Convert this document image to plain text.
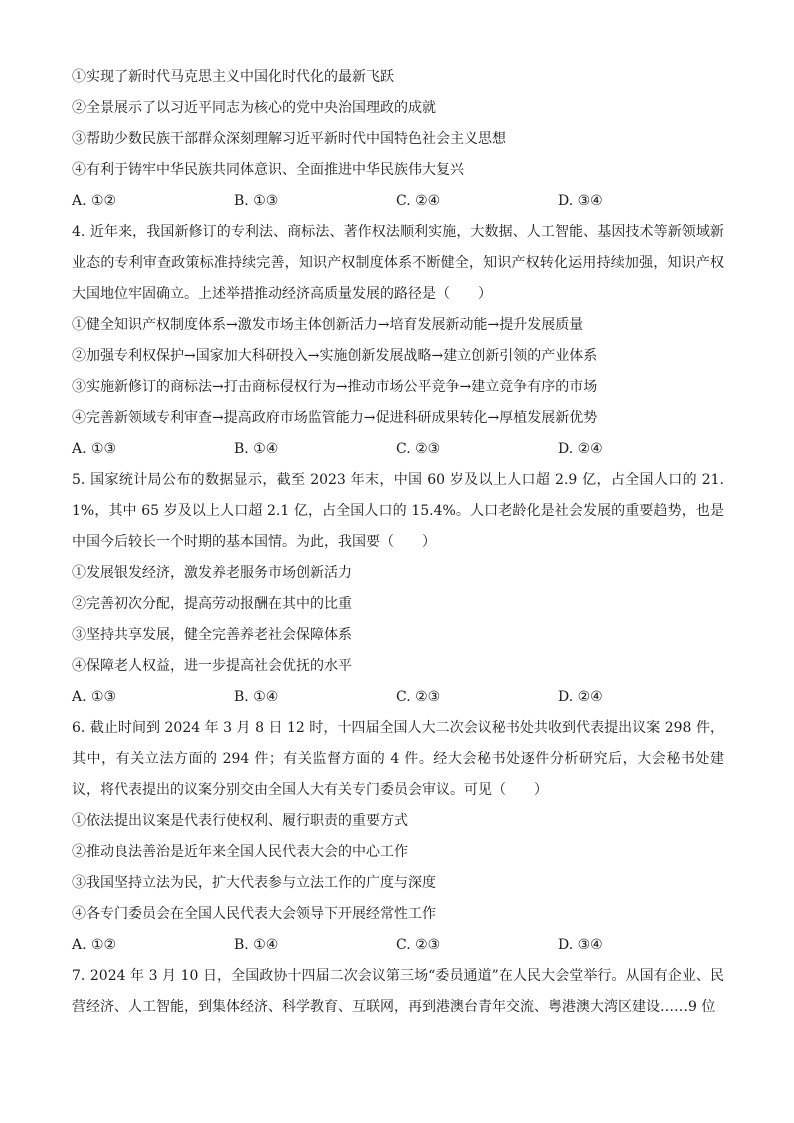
①实现了新时代马克思主义中国化时代化的最新飞跃
②全景展示了以习近平同志为核心的党中央治国理政的成就
③帮助少数民族干部群众深刻理解习近平新时代中国特色社会主义思想
④有利于铸牢中华民族共同体意识、全面推进中华民族伟大复兴
A. ①②	B. ①③	C. ②④	D. ③④
4. 近年来，我国新修订的专利法、商标法、著作权法顺利实施，大数据、人工智能、基因技术等新领域新业态的专利审查政策标准持续完善，知识产权制度体系不断健全，知识产权转化运用持续加强，知识产权大国地位牢固确立。上述举措推动经济高质量发展的路径是（　　）
①健全知识产权制度体系→激发市场主体创新活力→培育发展新动能→提升发展质量
②加强专利权保护→国家加大科研投入→实施创新发展战略→建立创新引领的产业体系
③实施新修订的商标法→打击商标侵权行为→推动市场公平竞争→建立竞争有序的市场
④完善新领域专利审查→提高政府市场监管能力→促进科研成果转化→厚植发展新优势
A. ①③	B. ①④	C. ②③	D. ②④
5. 国家统计局公布的数据显示，截至 2023 年末，中国 60 岁及以上人口超 2.9 亿，占全国人口的 21.1%，其中 65 岁及以上人口超 2.1 亿，占全国人口的 15.4%。人口老龄化是社会发展的重要趋势，也是中国今后较长一个时期的基本国情。为此，我国要（　　）
①发展银发经济，激发养老服务市场创新活力
②完善初次分配，提高劳动报酬在其中的比重
③坚持共享发展，健全完善养老社会保障体系
④保障老人权益，进一步提高社会优抚的水平
A. ①③	B. ①④	C. ②③	D. ②④
6. 截止时间到 2024 年 3 月 8 日 12 时，十四届全国人大二次会议秘书处共收到代表提出议案 298 件，其中，有关立法方面的 294 件；有关监督方面的 4 件。经大会秘书处逐件分析研究后，大会秘书处建议，将代表提出的议案分别交由全国人大有关专门委员会审议。可见（　　）
①依法提出议案是代表行使权利、履行职责的重要方式
②推动良法善治是近年来全国人民代表大会的中心工作
③我国坚持立法为民，扩大代表参与立法工作的广度与深度
④各专门委员会在全国人民代表大会领导下开展经常性工作
A. ①②	B. ①④	C. ②③	D. ③④
7. 2024 年 3 月 10 日，全国政协十四届二次会议第三场“委员通道”在人民大会堂举行。从国有企业、民营经济、人工智能，到集体经济、科学教育、互联网，再到港澳台青年交流、粤港澳大湾区建设……9 位
